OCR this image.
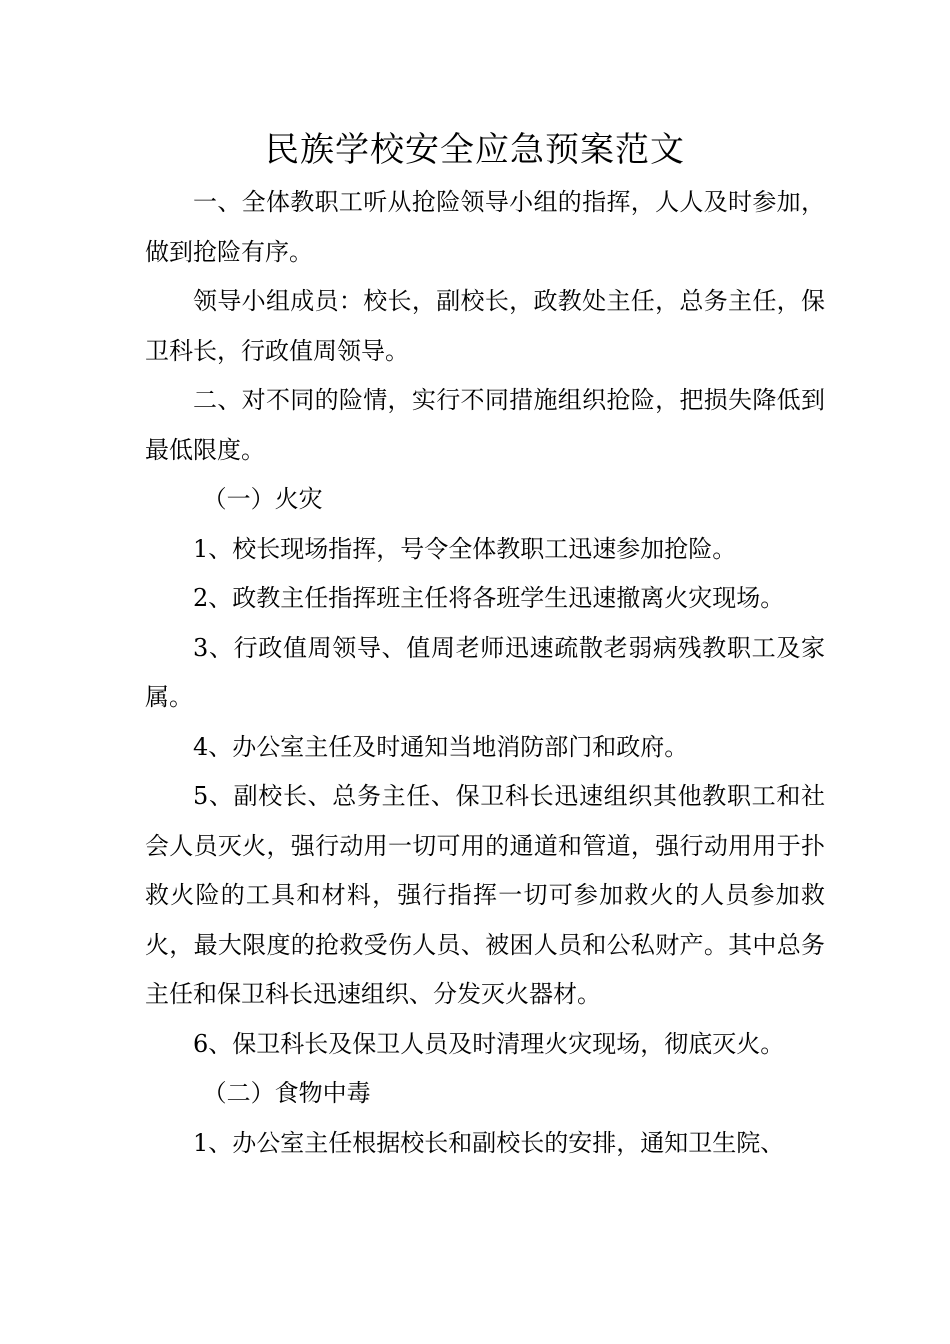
民族学校安全应急预案范文

一、全体教职工听从抢险领导小组的指挥，人人及时参加，做到抢险有序。

领导小组成员：校长，副校长，政教处主任，总务主任，保卫科长，行政值周领导。

二、对不同的险情，实行不同措施组织抢险，把损失降低到最低限度。

（一）火灾

1、校长现场指挥，号令全体教职工迅速参加抢险。

2、政教主任指挥班主任将各班学生迅速撤离火灾现场。

3、行政值周领导、值周老师迅速疏散老弱病残教职工及家属。

4、办公室主任及时通知当地消防部门和政府。

5、副校长、总务主任、保卫科长迅速组织其他教职工和社会人员灭火，强行动用一切可用的通道和管道，强行动用用于扑救火险的工具和材料，强行指挥一切可参加救火的人员参加救火，最大限度的抢救受伤人员、被困人员和公私财产。其中总务主任和保卫科长迅速组织、分发灭火器材。

6、保卫科长及保卫人员及时清理火灾现场，彻底灭火。

（二）食物中毒

1、办公室主任根据校长和副校长的安排，通知卫生院、
